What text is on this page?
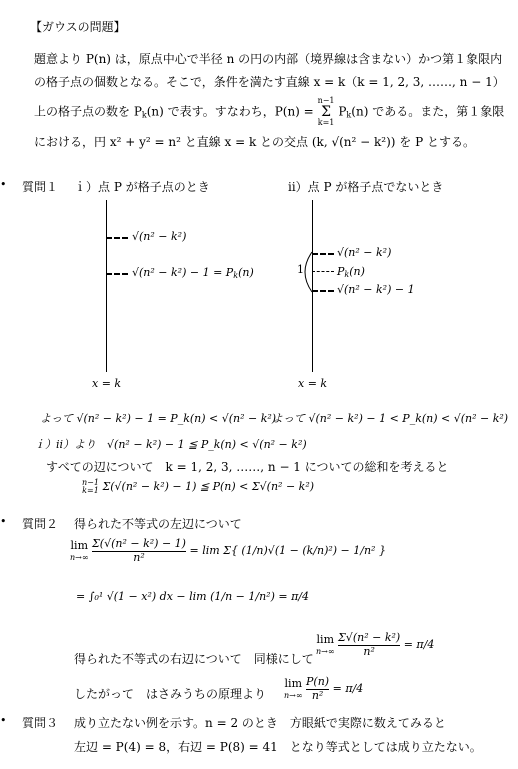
【ガウスの問題】
題意より P(n) は，原点中心で半径 n の円の内部（境界線は含まない）かつ第１象限内
の格子点の個数となる。そこで，条件を満たす直線 x = k（k = 1, 2, 3, ……, n − 1）
上の格子点の数を $P_k(n)$ で表す。すなわち，P(n) = n−1
Σ
k=1 $P_k(n)$ である。また，第１象限
における，円 x² + y² = n² と直線 x = k との交点 (k, √(n² − k²)) を P とする。
• 質問１ ｉ）点 P が格子点のとき	ⅱ）点 P が格子点でないとき
√(n² − k²)
$√(n^2 - k^2) - 1 = P_k(n)$
x = k
√(n² − k²)
$P_k(n)$
√(n² − k²) − 1
1
x = k
よって √(n² − k²) − 1 = P_k(n) < √(n² − k²)
よって √(n² − k²) − 1 < P_k(n) < √(n² − k²)
ｉ）ⅱ）より　√(n² − k²) − 1 ≦ P_k(n) < √(n² − k²)
すべての辺について　k = 1, 2, 3, ……, n − 1 についての総和を考えると
n−1
k=1 Σ(√(n² − k²) − 1) ≦ P(n) < Σ√(n² − k²)
• 質問２ 得られた不等式の左辺について
lim
$n\to\infty \frac{\text{Σ(√(n² − k²) − 1)}}{\text{n²}} = \lim \Sigma${ (1/n)√(1 − (k/n)²) − 1/n² }
= ∫₀¹ √(1 − x²) dx − lim (1/n − 1/n²) = π/4
得られた不等式の右辺について　同様にして
lim
$n\to\infty \frac{\text{Σ√(n² − k²)}}{\text{n²}} = \pi/4$
したがって　はさみうちの原理より
lim
$n\to\infty \frac{P(n)}{\text{n²}} = \pi/4$
• 質問３ 成り立たない例を示す。n = 2 のとき　方眼紙で実際に数えてみると
左辺 = P(4) = 8，右辺 = P(8) = 41　となり等式としては成り立たない。
